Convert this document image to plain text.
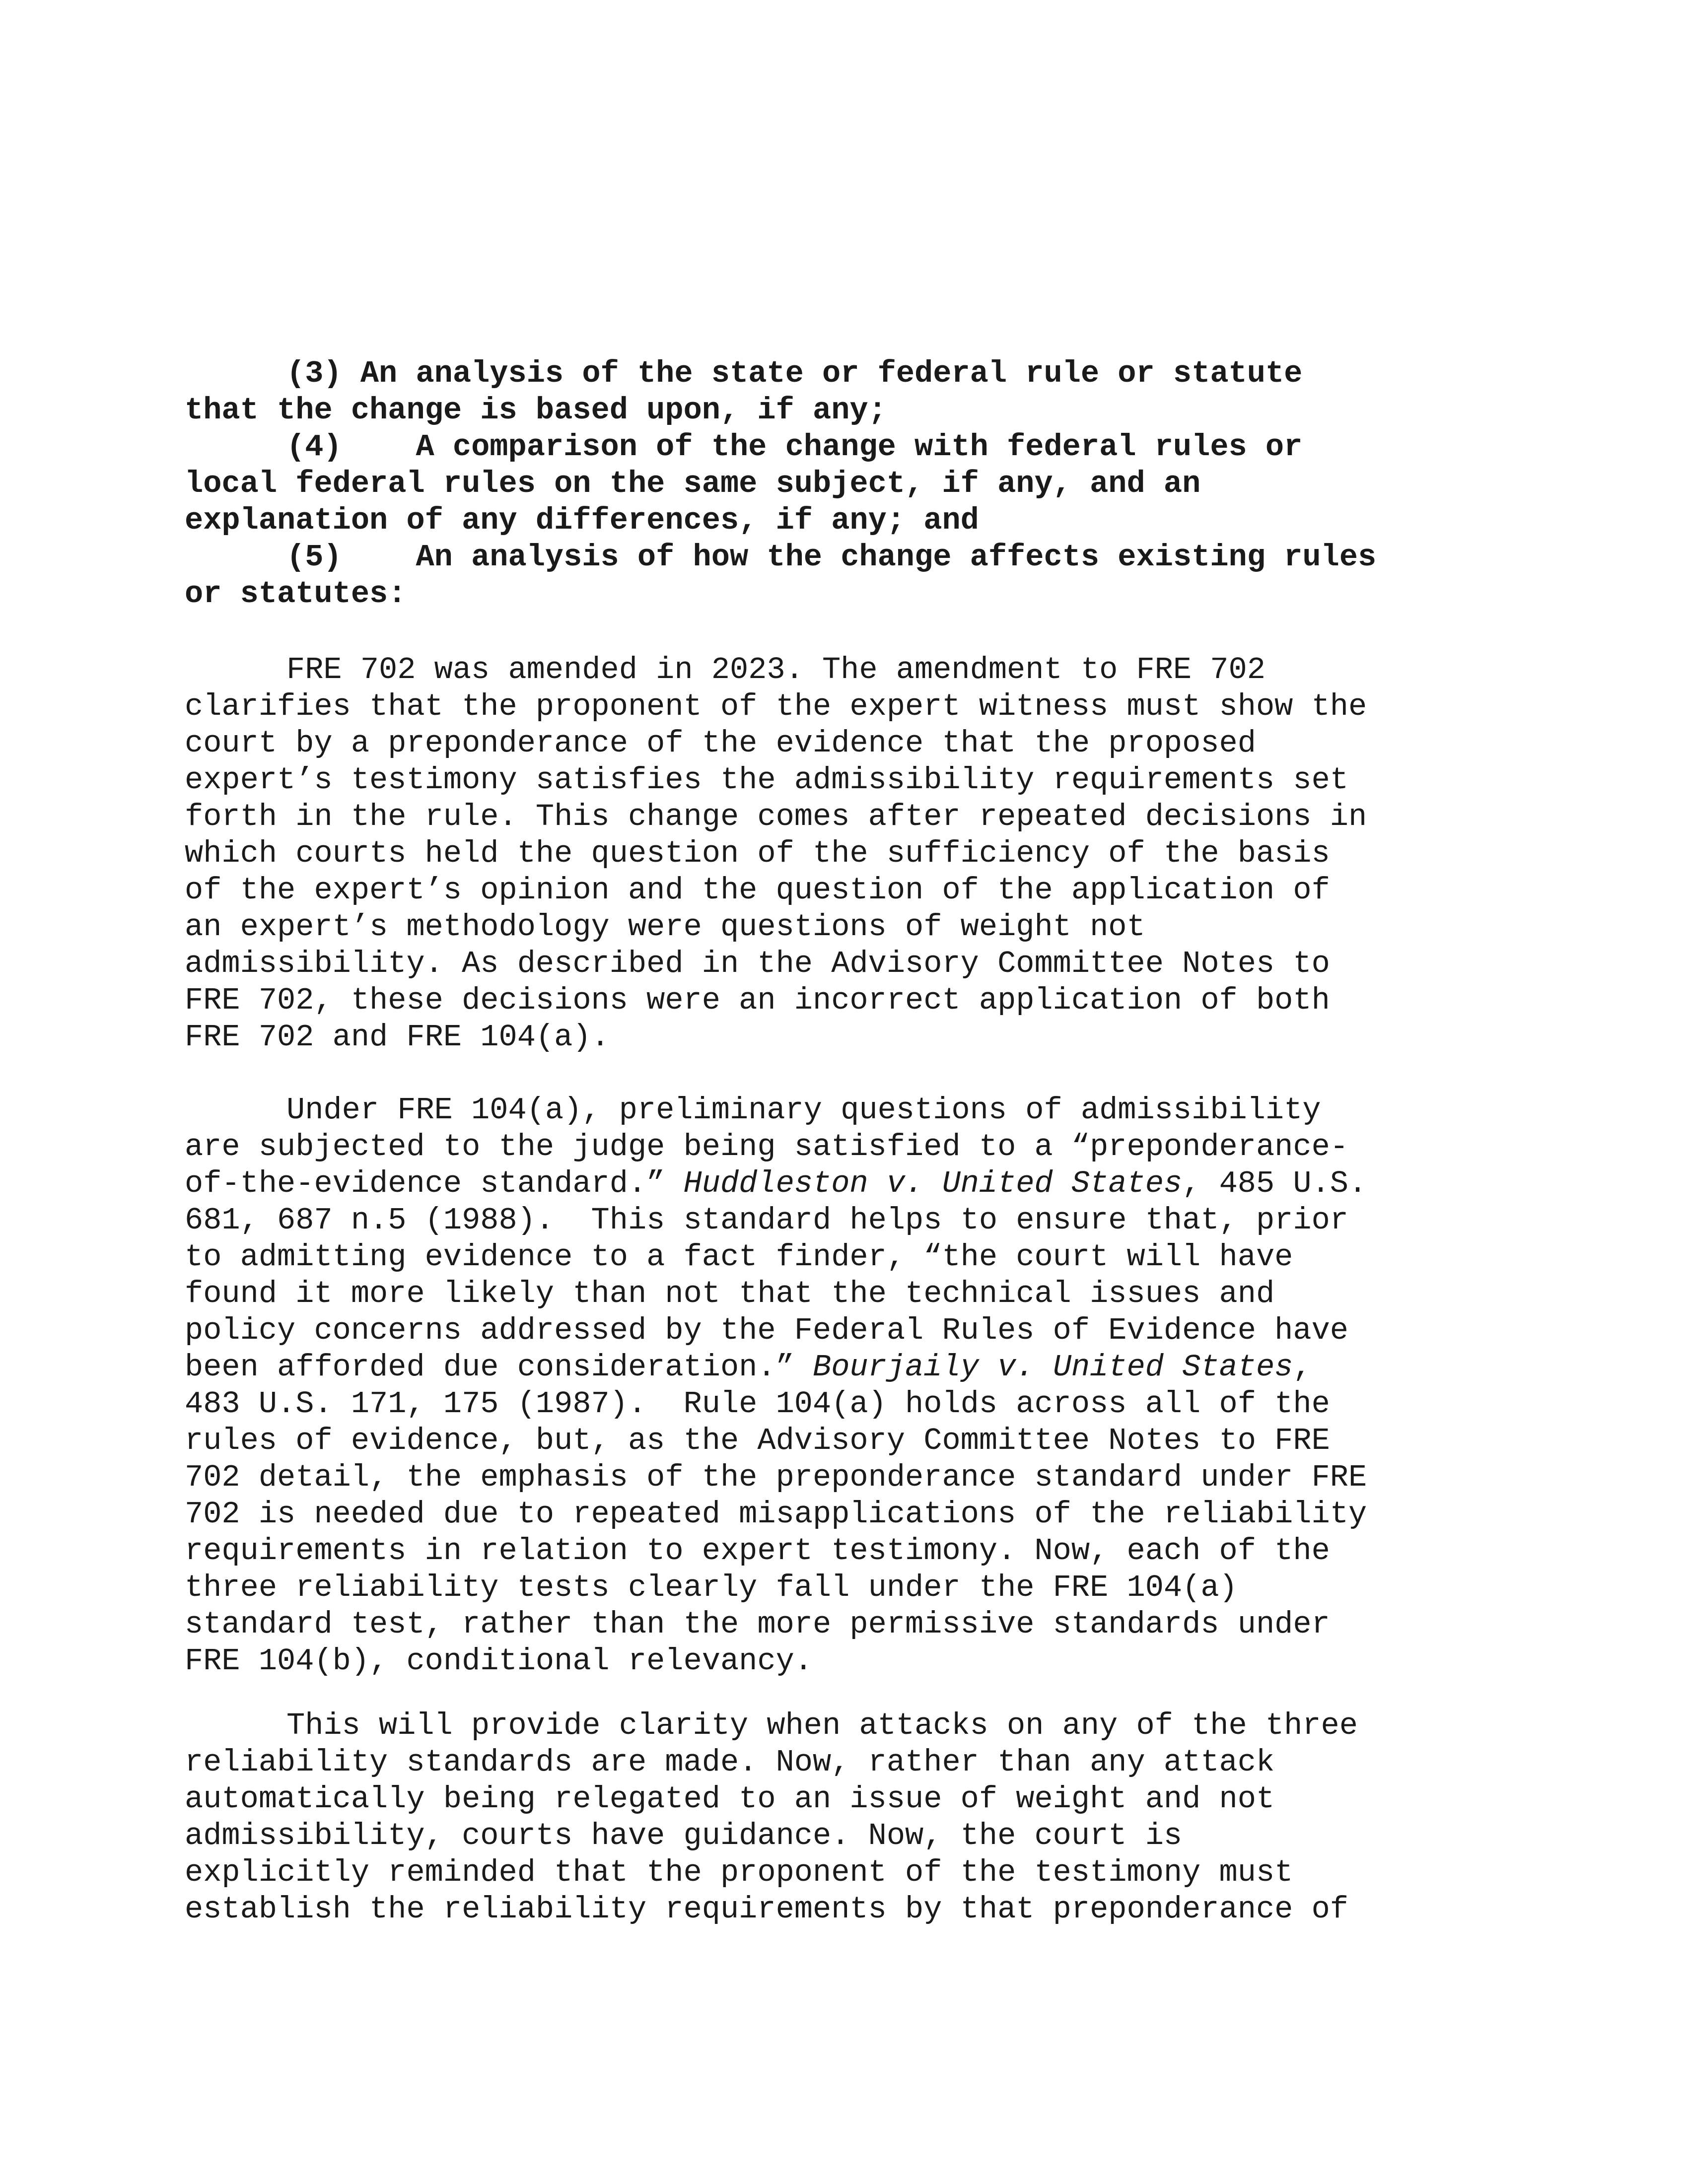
(3) An analysis of the state or federal rule or statute
that the change is based upon, if any;
(4) A comparison of the change with federal rules or
local federal rules on the same subject, if any, and an
explanation of any differences, if any; and
(5) An analysis of how the change affects existing rules
or statutes:
FRE 702 was amended in 2023. The amendment to FRE 702
clarifies that the proponent of the expert witness must show the
court by a preponderance of the evidence that the proposed
expert’s testimony satisfies the admissibility requirements set
forth in the rule. This change comes after repeated decisions in
which courts held the question of the sufficiency of the basis
of the expert’s opinion and the question of the application of
an expert’s methodology were questions of weight not
admissibility. As described in the Advisory Committee Notes to
FRE 702, these decisions were an incorrect application of both
FRE 702 and FRE 104(a).
Under FRE 104(a), preliminary questions of admissibility
are subjected to the judge being satisfied to a “preponderance-
of-the-evidence standard.” Huddleston v. United States, 485 U.S.
681, 687 n.5 (1988).  This standard helps to ensure that, prior
to admitting evidence to a fact finder, “the court will have
found it more likely than not that the technical issues and
policy concerns addressed by the Federal Rules of Evidence have
been afforded due consideration.” Bourjaily v. United States,
483 U.S. 171, 175 (1987).  Rule 104(a) holds across all of the
rules of evidence, but, as the Advisory Committee Notes to FRE
702 detail, the emphasis of the preponderance standard under FRE
702 is needed due to repeated misapplications of the reliability
requirements in relation to expert testimony. Now, each of the
three reliability tests clearly fall under the FRE 104(a)
standard test, rather than the more permissive standards under
FRE 104(b), conditional relevancy.
This will provide clarity when attacks on any of the three
reliability standards are made. Now, rather than any attack
automatically being relegated to an issue of weight and not
admissibility, courts have guidance. Now, the court is
explicitly reminded that the proponent of the testimony must
establish the reliability requirements by that preponderance of
